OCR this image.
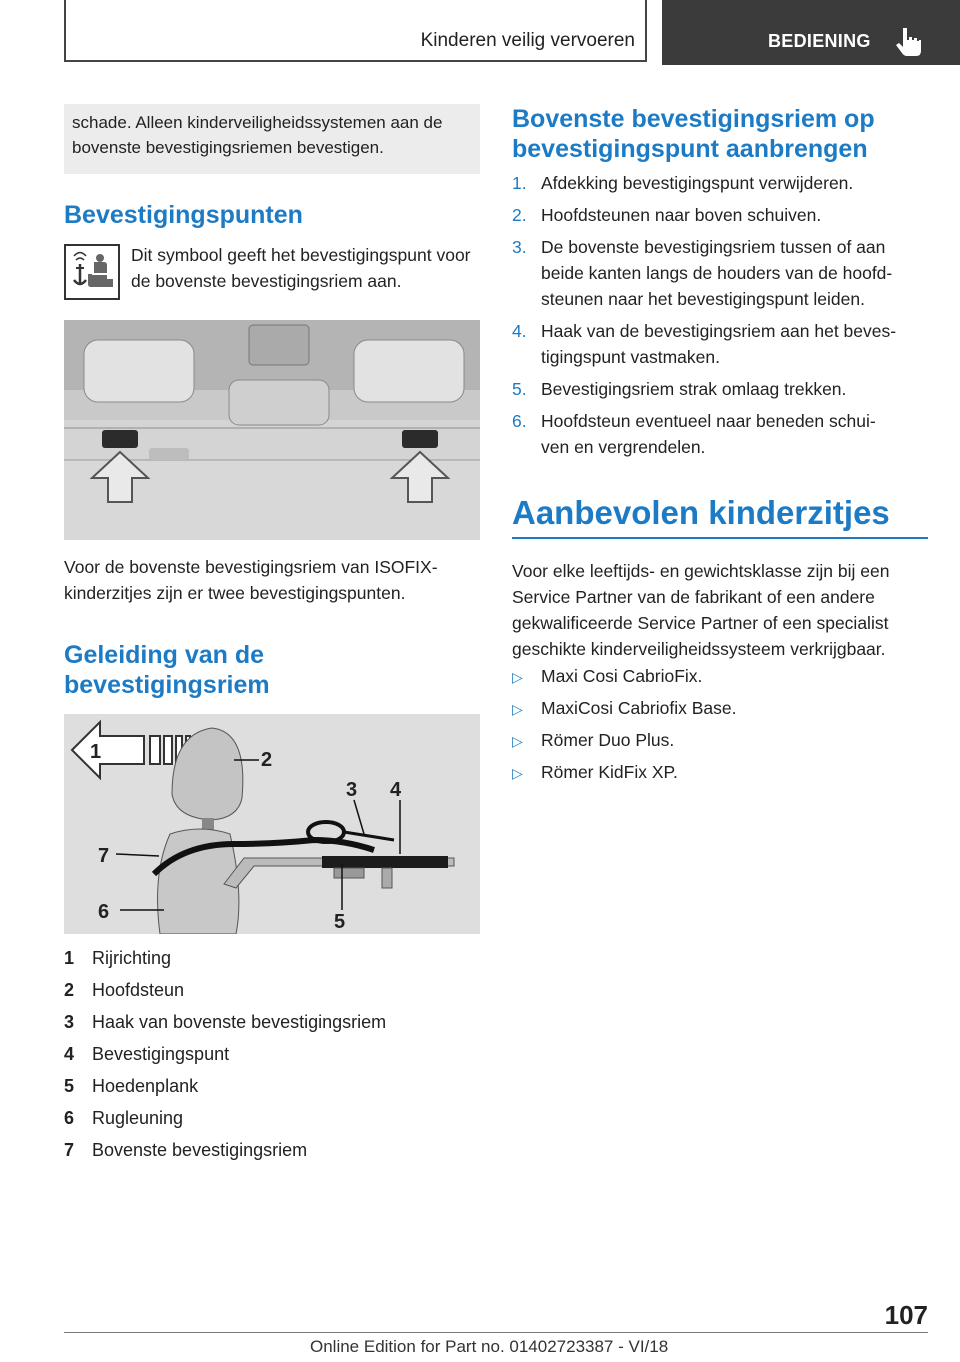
Kinderen veilig vervoeren	BEDIENING
schade. Alleen kinderveiligheidssystemen aan de bovenste bevestigingsriemen bevestigen.
Bevestigingspunten
Dit symbool geeft het bevestigingspunt voor de bovenste bevestigingsriem aan.
Voor de bovenste bevestigingsriem van ISOFIX-kinderzitjes zijn er twee bevestigingspunten.
Geleiding van de
bevestigingsriem
1	2
3 4
5
6
7
1 Rijrichting
2 Hoofdsteun
3 Haak van bovenste bevestigingsriem
4 Bevestigingspunt
5 Hoedenplank
6 Rugleuning
7 Bovenste bevestigingsriem
Bovenste bevestigingsriem op
bevestigingspunt aanbrengen
1. Afdekking bevestigingspunt verwijderen.
2. Hoofdsteunen naar boven schuiven.
3. De bovenste bevestigingsriem tussen of aan
beide kanten langs de houders van de hoofd-
steunen naar het bevestigingspunt leiden.
4. Haak van de bevestigingsriem aan het beves-
tigingspunt vastmaken.
5. Bevestigingsriem strak omlaag trekken.
6. Hoofdsteun eventueel naar beneden schui-
ven en vergrendelen.
Aanbevolen kinderzitjes
Voor elke leeftijds- en gewichtsklasse zijn bij een Service Partner van de fabrikant of een andere gekwalificeerde Service Partner of een specialist geschikte kinderveiligheidssysteem verkrijgbaar.
▷ Maxi Cosi CabrioFix.
▷ MaxiCosi Cabriofix Base.
▷ Römer Duo Plus.
▷ Römer KidFix XP.
107
Online Edition for Part no. 01402723387 - VI/18
